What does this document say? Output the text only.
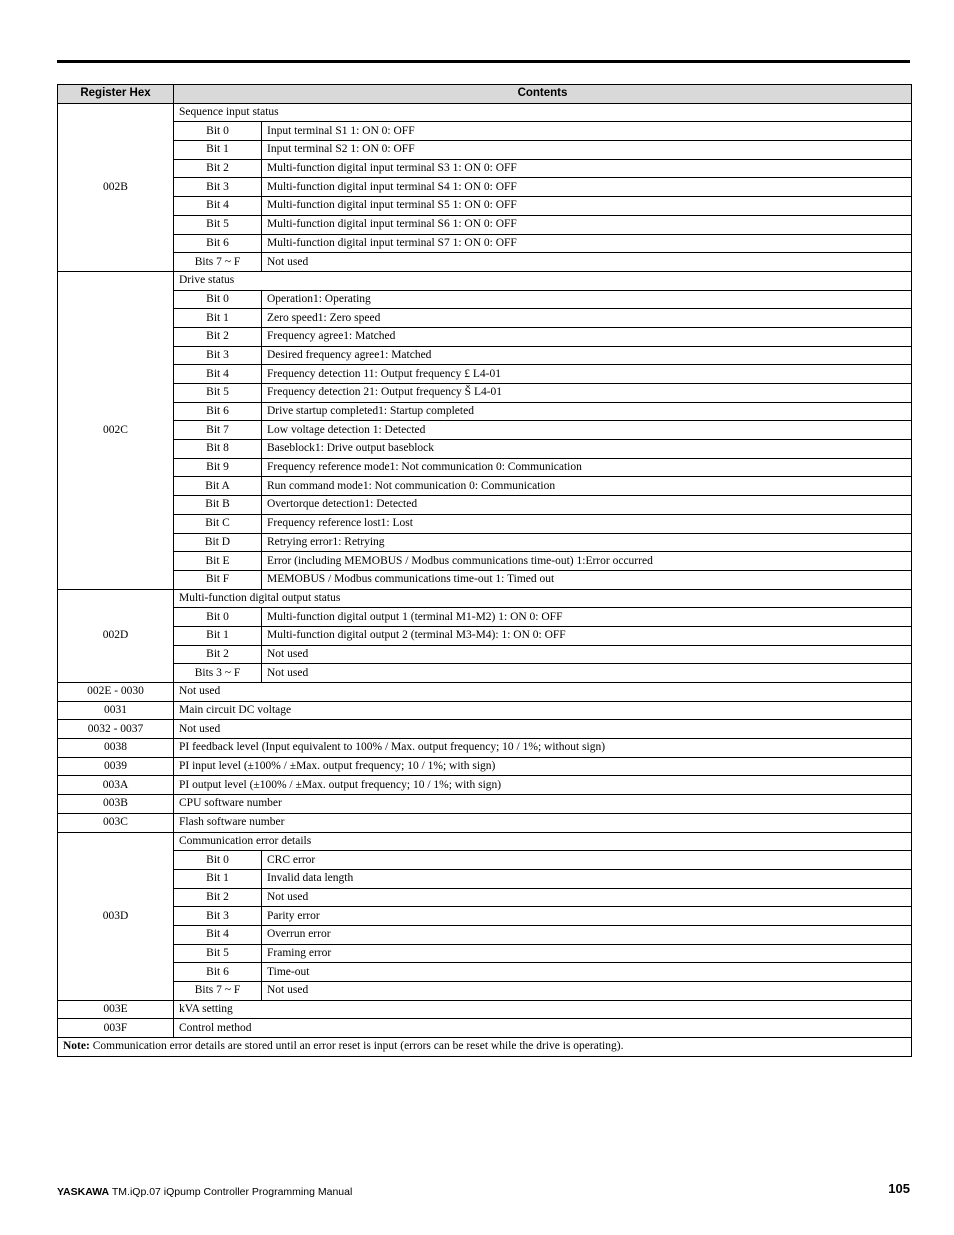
Register Hex	Contents	
002B	Sequence input status	
	Bit 0	Input terminal S1 1: ON 0: OFF
	Bit 1	Input terminal S2 1: ON 0: OFF
	Bit 2	Multi-function digital input terminal S3 1: ON 0: OFF
	Bit 3	Multi-function digital input terminal S4 1: ON 0: OFF
	Bit 4	Multi-function digital input terminal S5 1: ON 0: OFF
	Bit 5	Multi-function digital input terminal S6 1: ON 0: OFF
	Bit 6	Multi-function digital input terminal S7 1: ON 0: OFF
	Bits 7 ~ F	Not used
002C	Drive status	
	Bit 0	Operation1: Operating
	Bit 1	Zero speed1: Zero speed
	Bit 2	Frequency agree1: Matched
	Bit 3	Desired frequency agree1: Matched
	Bit 4	Frequency detection 11: Output frequency £ L4-01
	Bit 5	Frequency detection 21: Output frequency Š L4-01
	Bit 6	Drive startup completed1: Startup completed
	Bit 7	Low voltage detection 1: Detected
	Bit 8	Baseblock1: Drive output baseblock
	Bit 9	Frequency reference mode1: Not communication 0: Communication
	Bit A	Run command mode1: Not communication 0: Communication
	Bit B	Overtorque detection1: Detected
	Bit C	Frequency reference lost1: Lost
	Bit D	Retrying error1: Retrying
	Bit E	Error (including MEMOBUS / Modbus communications time-out) 1:Error occurred
	Bit F	MEMOBUS / Modbus communications time-out 1: Timed out
002D	Multi-function digital output status	
	Bit 0	Multi-function digital output 1 (terminal M1-M2) 1: ON 0: OFF
	Bit 1	Multi-function digital output 2 (terminal M3-M4): 1: ON 0: OFF
	Bit 2	Not used
	Bits 3 ~ F	Not used
002E - 0030	Not used	
0031	Main circuit DC voltage	
0032 - 0037	Not used	
0038	PI feedback level (Input equivalent to 100% / Max. output frequency; 10 / 1%; without sign)	
0039	PI input level (±100% / ±Max. output frequency; 10 / 1%; with sign)	
003A	PI output level (±100% / ±Max. output frequency; 10 / 1%; with sign)	
003B	CPU software number	
003C	Flash software number	
003D	Communication error details	
	Bit 0	CRC error
	Bit 1	Invalid data length
	Bit 2	Not used
	Bit 3	Parity error
	Bit 4	Overrun error
	Bit 5	Framing error
	Bit 6	Time-out
	Bits 7 ~ F	Not used
003E	kVA setting	
003F	Control method	
Note: Communication error details are stored until an error reset is input (errors can be reset while the drive is operating).		
YASKAWA TM.iQp.07 iQpump Controller Programming Manual	105
